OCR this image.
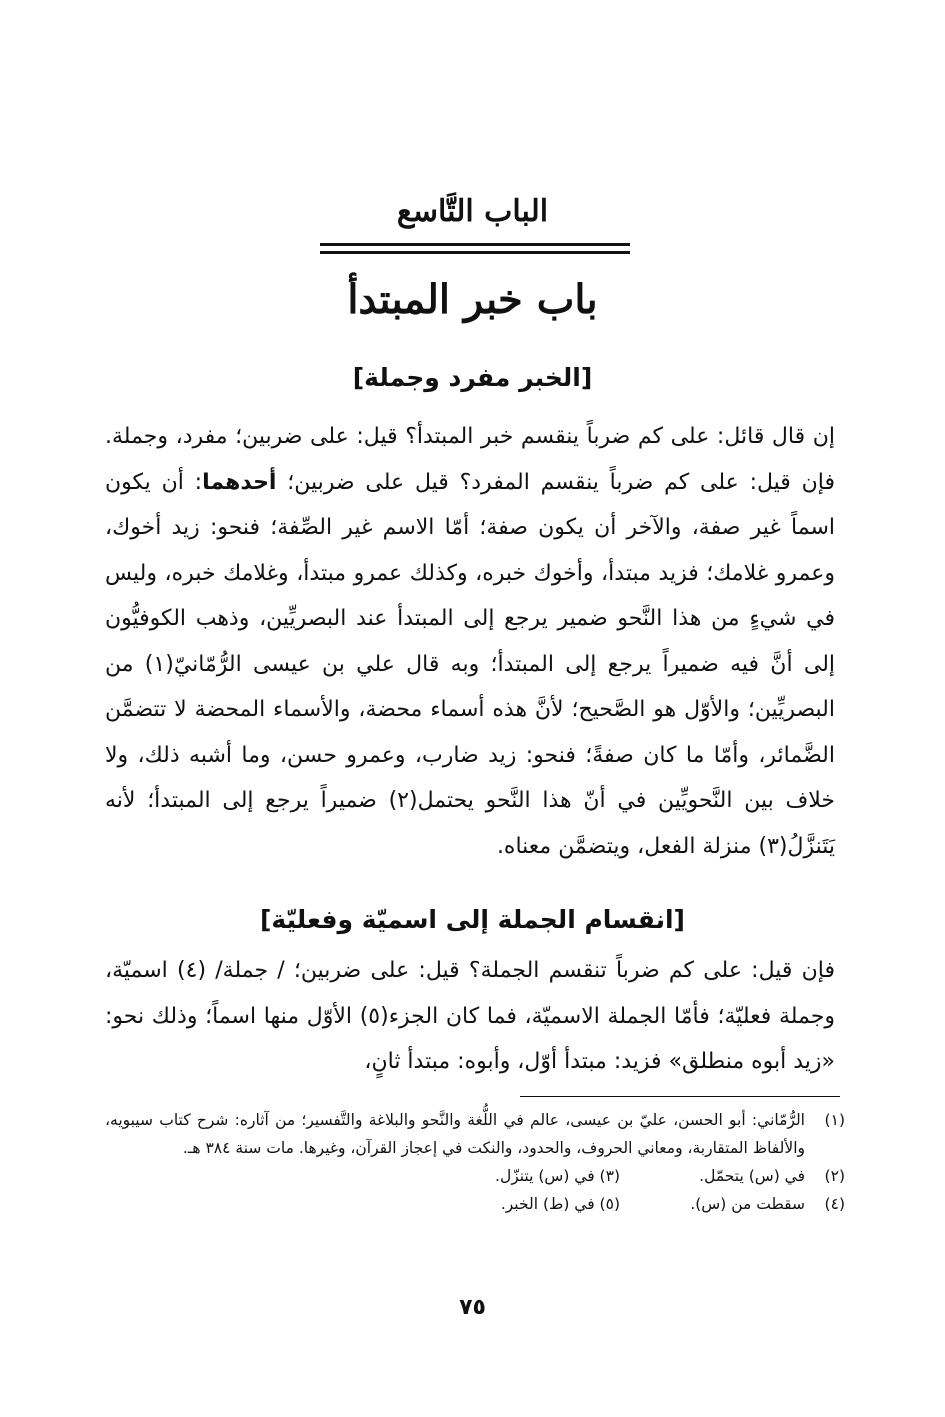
الباب التَّاسع
باب خبر المبتدأ
[الخبر مفرد وجملة]
إن قال قائل: على كم ضرباً ينقسم خبر المبتدأ؟ قيل: على ضربين؛ مفرد، وجملة. فإن قيل: على كم ضرباً ينقسم المفرد؟ قيل على ضربين؛ أحدهما: أن يكون اسماً غير صفة، والآخر أن يكون صفة؛ أمّا الاسم غير الصِّفة؛ فنحو: زيد أخوك، وعمرو غلامك؛ فزيد مبتدأ، وأخوك خبره، وكذلك عمرو مبتدأ، وغلامك خبره، وليس في شيءٍ من هذا النَّحو ضمير يرجع إلى المبتدأ عند البصريِّين، وذهب الكوفيُّون إلى أنَّ فيه ضميراً يرجع إلى المبتدأ؛ وبه قال علي بن عيسى الرُّمّانيّ(١) من البصريِّين؛ والأوّل هو الصَّحيح؛ لأنَّ هذه أسماء محضة، والأسماء المحضة لا تتضمَّن الضَّمائر، وأمّا ما كان صفةً؛ فنحو: زيد ضارب، وعمرو حسن، وما أشبه ذلك، ولا خلاف بين النَّحويِّين في أنّ هذا النَّحو يحتمل(٢) ضميراً يرجع إلى المبتدأ؛ لأنه يَتَنزَّلُ(٣) منزلة الفعل، ويتضمَّن معناه.
[انقسام الجملة إلى اسميّة وفعليّة]
فإن قيل: على كم ضرباً تنقسم الجملة؟ قيل: على ضربين؛ / جملة/ (٤) اسميّة، وجملة فعليّة؛ فأمّا الجملة الاسميّة، فما كان الجزء(٥) الأوّل منها اسماً؛ وذلك نحو: «زيد أبوه منطلق» فزيد: مبتدأ أوّل، وأبوه: مبتدأ ثانٍ،
(١)
الرُّمّاني: أبو الحسن، عليّ بن عيسى، عالم في اللُّغة والنَّحو والبلاغة والتَّفسير؛ من آثاره: شرح كتاب سيبويه، والألفاظ المتقاربة، ومعاني الحروف، والحدود، والنكت في إعجاز القرآن، وغيرها. مات سنة ٣٨٤ هـ.
(٢)
في (س) يتحمّل.
(٣) في (س) يتنزّل.
(٤)
سقطت من (س).
(٥) في (ط) الخبر.
٧٥
